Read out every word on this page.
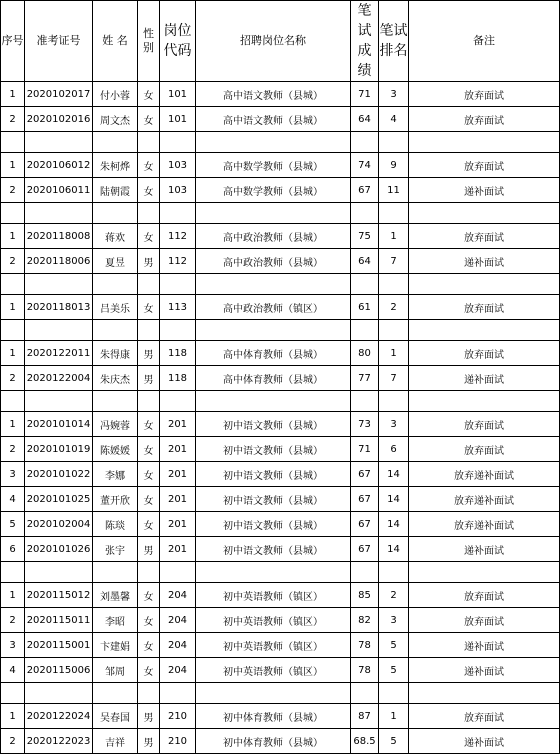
序号	准考证号	姓 名	性别	岗位代码	招聘岗位名称	笔试成绩	笔试排名	备注
1	2020102017	付小蓉	女	101	高中语文教师（县城）	71	3	放弃面试
2	2020102016	周文杰	女	101	高中语文教师（县城）	64	4	放弃面试

1	2020106012	朱柯烨	女	103	高中数学教师（县城）	74	9	放弃面试
2	2020106011	陆朝霞	女	103	高中数学教师（县城）	67	11	递补面试

1	2020118008	蒋欢	女	112	高中政治教师（县城）	75	1	放弃面试
2	2020118006	夏昱	男	112	高中政治教师（县城）	64	7	递补面试

1	2020118013	吕美乐	女	113	高中政治教师（镇区）	61	2	放弃面试

1	2020122011	朱得康	男	118	高中体育教师（县城）	80	1	放弃面试
2	2020122004	朱庆杰	男	118	高中体育教师（县城）	77	7	递补面试

1	2020101014	冯婉蓉	女	201	初中语文教师（县城）	73	3	放弃面试
2	2020101019	陈媛媛	女	201	初中语文教师（县城）	71	6	放弃面试
3	2020101022	李娜	女	201	初中语文教师（县城）	67	14	放弃递补面试
4	2020101025	董开欣	女	201	初中语文教师（县城）	67	14	放弃递补面试
5	2020102004	陈琰	女	201	初中语文教师（县城）	67	14	放弃递补面试
6	2020101026	张宇	男	201	初中语文教师（县城）	67	14	递补面试

1	2020115012	刘墨馨	女	204	初中英语教师（镇区）	85	2	放弃面试
2	2020115011	李昭	女	204	初中英语教师（镇区）	82	3	放弃面试
3	2020115001	卞建娟	女	204	初中英语教师（镇区）	78	5	递补面试
4	2020115006	邹周	女	204	初中英语教师（镇区）	78	5	递补面试

1	2020122024	吴春国	男	210	初中体育教师（县城）	87	1	放弃面试
2	2020122023	吉祥	男	210	初中体育教师（县城）	68.5	5	递补面试
